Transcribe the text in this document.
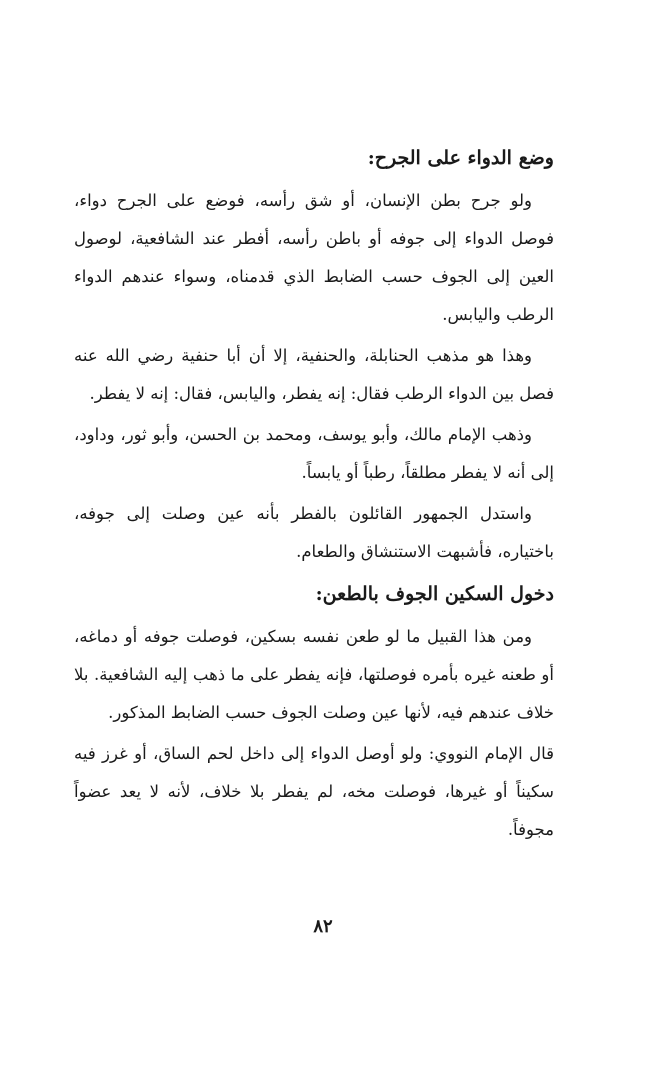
وضع الدواء على الجرح:

ولو جرح بطن الإنسان، أو شق رأسه، فوضع على الجرح دواء، فوصل الدواء إلى جوفه أو باطن رأسه، أفطر عند الشافعية، لوصول العين إلى الجوف حسب الضابط الذي قدمناه، وسواء عندهم الدواء الرطب واليابس.

وهذا هو مذهب الحنابلة، والحنفية، إلا أن أبا حنفية رضي الله عنه فصل بين الدواء الرطب فقال: إنه يفطر، واليابس، فقال: إنه لا يفطر.

وذهب الإمام مالك، وأبو يوسف، ومحمد بن الحسن، وأبو ثور، وداود، إلى أنه لا يفطر مطلقاً، رطباً أو يابساً.

واستدل الجمهور القائلون بالفطر بأنه عين وصلت إلى جوفه، باختياره، فأشبهت الاستنشاق والطعام.

دخول السكين الجوف بالطعن:

ومن هذا القبيل ما لو طعن نفسه بسكين، فوصلت جوفه أو دماغه، أو طعنه غيره بأمره فوصلتها، فإنه يفطر على ما ذهب إليه الشافعية. بلا خلاف عندهم فيه، لأنها عين وصلت الجوف حسب الضابط المذكور.

قال الإمام النووي: ولو أوصل الدواء إلى داخل لحم الساق، أو غرز فيه سكيناً أو غيرها، فوصلت مخه، لم يفطر بلا خلاف، لأنه لا يعد عضواً مجوفاً.

٨٢
